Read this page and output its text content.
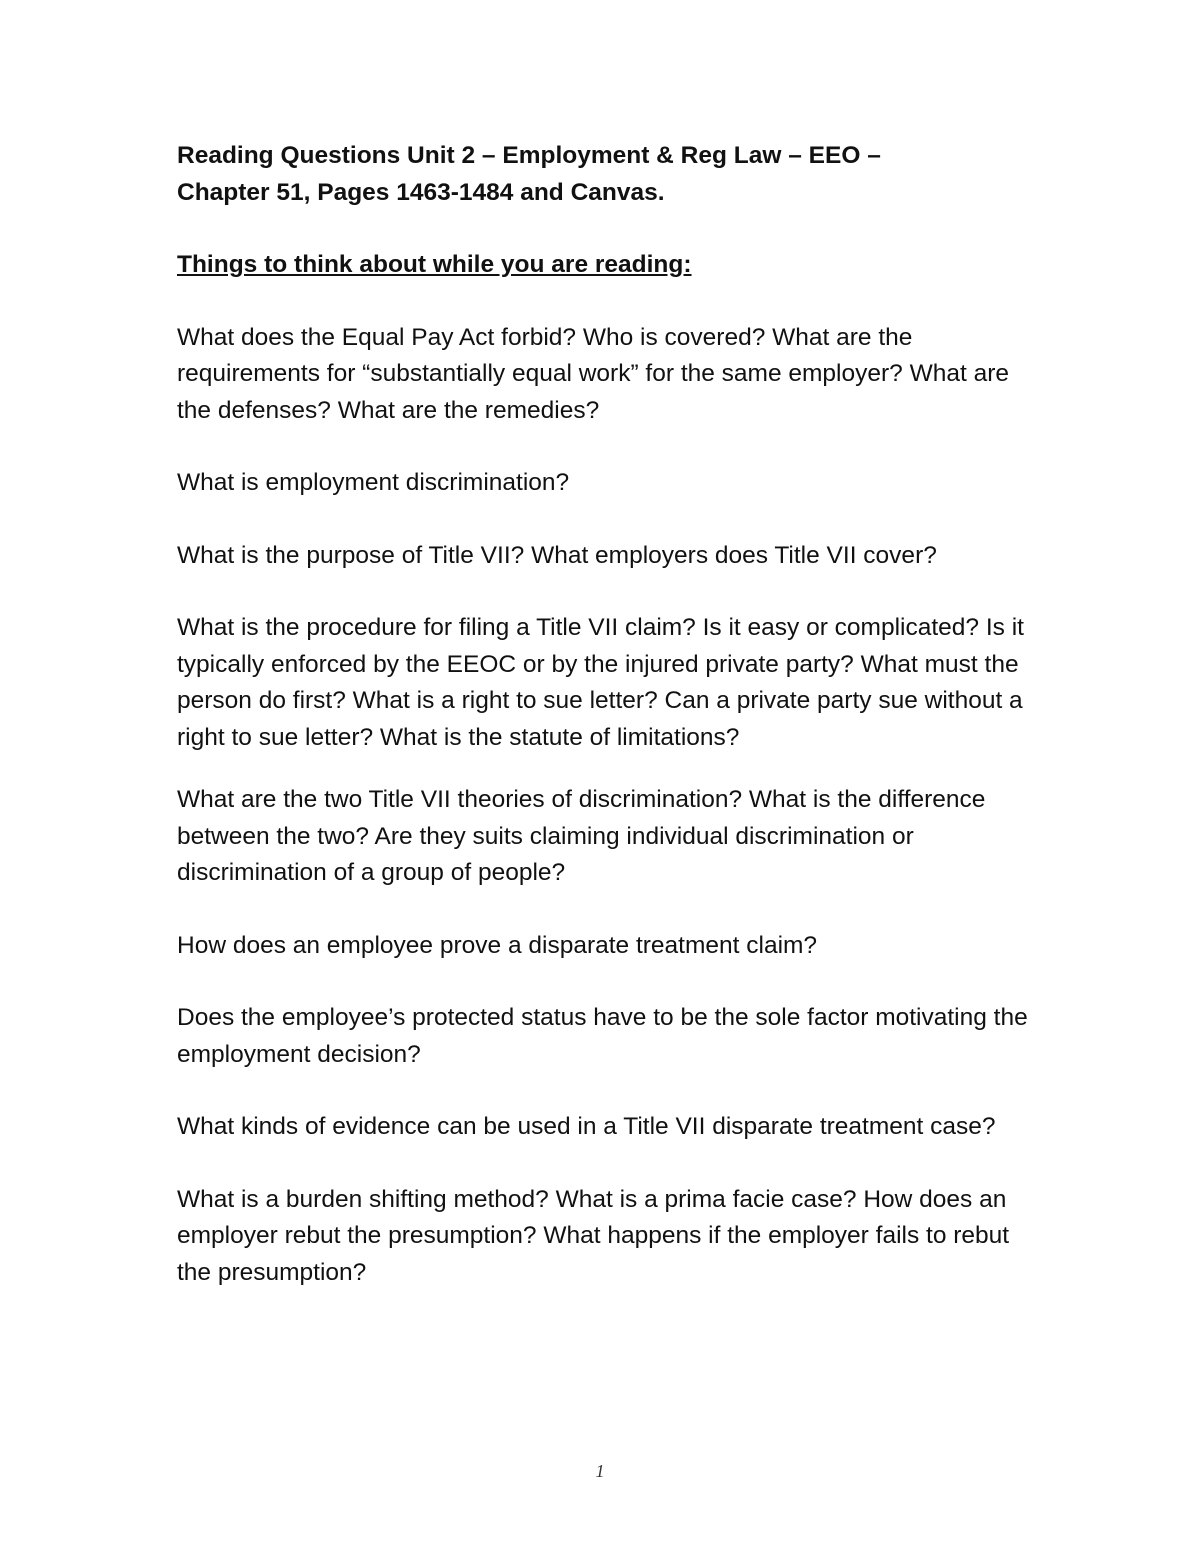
Reading Questions Unit 2 – Employment & Reg Law – EEO –
Chapter 51, Pages 1463-1484 and Canvas.

Things to think about while you are reading:

What does the Equal Pay Act forbid? Who is covered? What are the requirements for “substantially equal work” for the same employer? What are the defenses? What are the remedies?

What is employment discrimination?

What is the purpose of Title VII? What employers does Title VII cover?

What is the procedure for filing a Title VII claim? Is it easy or complicated? Is it typically enforced by the EEOC or by the injured private party? What must the person do first? What is a right to sue letter? Can a private party sue without a right to sue letter? What is the statute of limitations?

What are the two Title VII theories of discrimination? What is the difference between the two? Are they suits claiming individual discrimination or discrimination of a group of people?

How does an employee prove a disparate treatment claim?

Does the employee’s protected status have to be the sole factor motivating the employment decision?

What kinds of evidence can be used in a Title VII disparate treatment case?

What is a burden shifting method? What is a prima facie case? How does an employer rebut the presumption? What happens if the employer fails to rebut the presumption?

1
